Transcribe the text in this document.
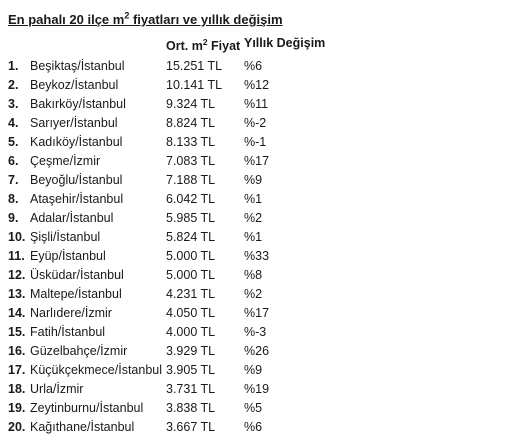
En pahalı 20 ilçe $m^2$ fiyatları ve yıllık değişim
Ort. $m^2$ Fiyat Yıllık Değişim
1. Beşiktaş/İstanbul	15.251 TL %6
2. Beykoz/İstanbul	10.141 TL %12
3. Bakırköy/İstanbul	9.324 TL %11
4. Sarıyer/İstanbul	8.824 TL %-2
5. Kadıköy/İstanbul	8.133 TL %-1
6. Çeşme/İzmir	7.083 TL %17
7. Beyoğlu/İstanbul	7.188 TL %9
8. Ataşehir/İstanbul	6.042 TL %1
9. Adalar/İstanbul	5.985 TL %2
10. Şişli/İstanbul	5.824 TL %1
11. Eyüp/İstanbul	5.000 TL %33
12. Üsküdar/İstanbul	5.000 TL %8
13. Maltepe/İstanbul	4.231 TL %2
14. Narlıdere/İzmir	4.050 TL %17
15. Fatih/İstanbul	4.000 TL %-3
16. Güzelbahçe/İzmir	3.929 TL %26
17. Küçükçekmece/İstanbul 3.905 TL %9
18. Urla/İzmir	3.731 TL %19
19. Zeytinburnu/İstanbul 3.838 TL %5
20. Kağıthane/İstanbul	3.667 TL %6
